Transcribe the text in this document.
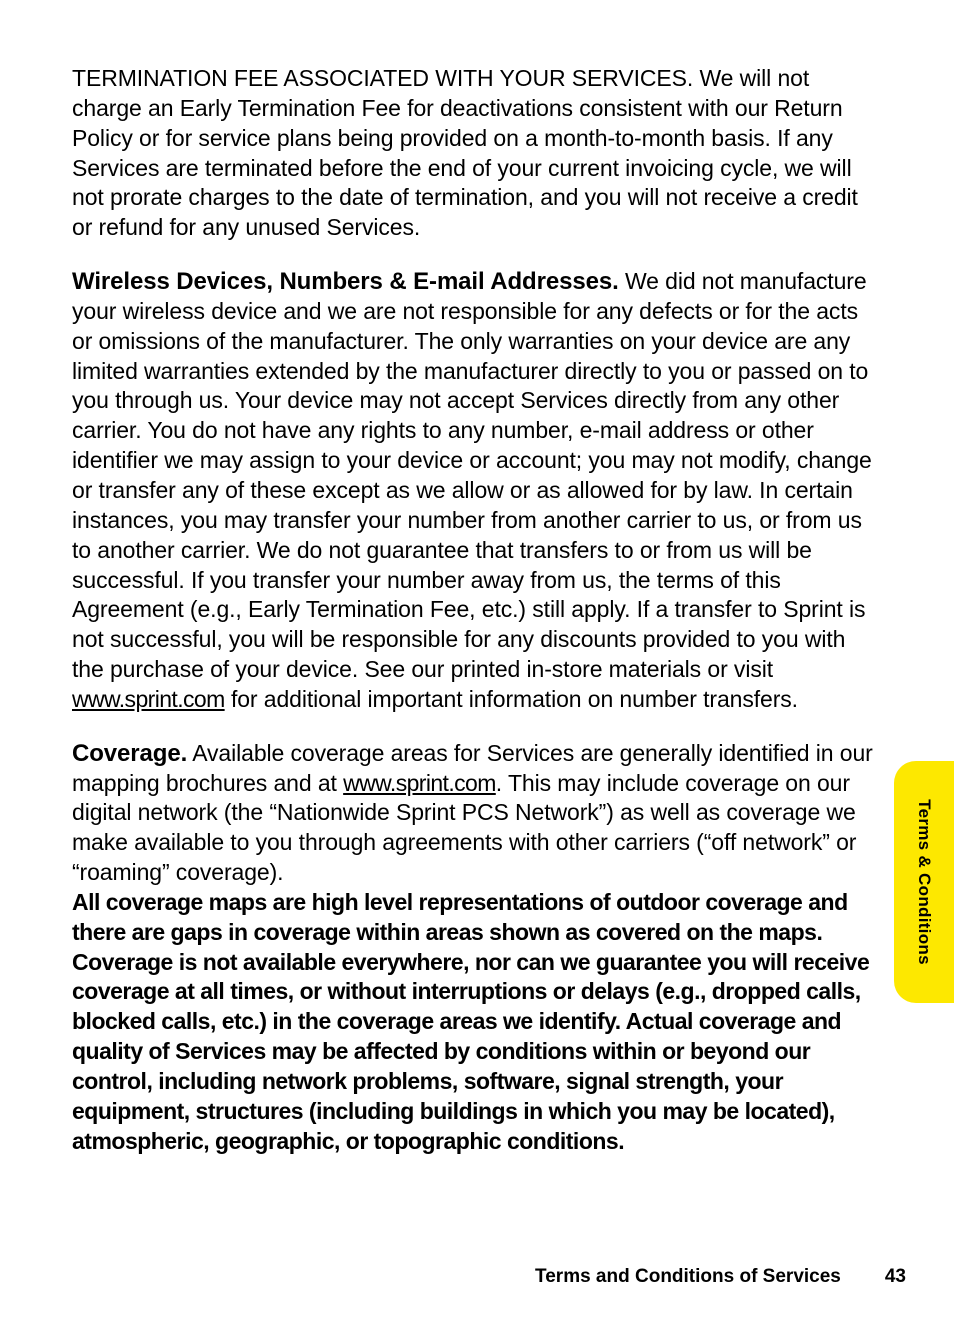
TERMINATION FEE ASSOCIATED WITH YOUR SERVICES. We will not charge an Early Termination Fee for deactivations consistent with our Return Policy or for service plans being provided on a month-to-month basis. If any Services are terminated before the end of your current invoicing cycle, we will not prorate charges to the date of termination, and you will not receive a credit or refund for any unused Services.

Wireless Devices, Numbers & E-mail Addresses. We did not manufacture your wireless device and we are not responsible for any defects or for the acts or omissions of the manufacturer. The only warranties on your device are any limited warranties extended by the manufacturer directly to you or passed on to you through us. Your device may not accept Services directly from any other carrier. You do not have any rights to any number, e-mail address or other identifier we may assign to your device or account; you may not modify, change or transfer any of these except as we allow or as allowed for by law. In certain instances, you may transfer your number from another carrier to us, or from us to another carrier. We do not guarantee that transfers to or from us will be successful. If you transfer your number away from us, the terms of this Agreement (e.g., Early Termination Fee, etc.) still apply. If a transfer to Sprint is not successful, you will be responsible for any discounts provided to you with the purchase of your device. See our printed in-store materials or visit www.sprint.com for additional important information on number transfers.

Coverage. Available coverage areas for Services are generally identified in our mapping brochures and at www.sprint.com. This may include coverage on our digital network (the “Nationwide Sprint PCS Network”) as well as coverage we make available to you through agreements with other carriers (“off network” or “roaming” coverage).

All coverage maps are high level representations of outdoor coverage and there are gaps in coverage within areas shown as covered on the maps. Coverage is not available everywhere, nor can we guarantee you will receive coverage at all times, or without interruptions or delays (e.g., dropped calls, blocked calls, etc.) in the coverage areas we identify. Actual coverage and quality of Services may be affected by conditions within or beyond our control, including network problems, software, signal strength, your equipment, structures (including buildings in which you may be located), atmospheric, geographic, or topographic conditions.

Terms & Conditions
Terms and Conditions of Services 43
